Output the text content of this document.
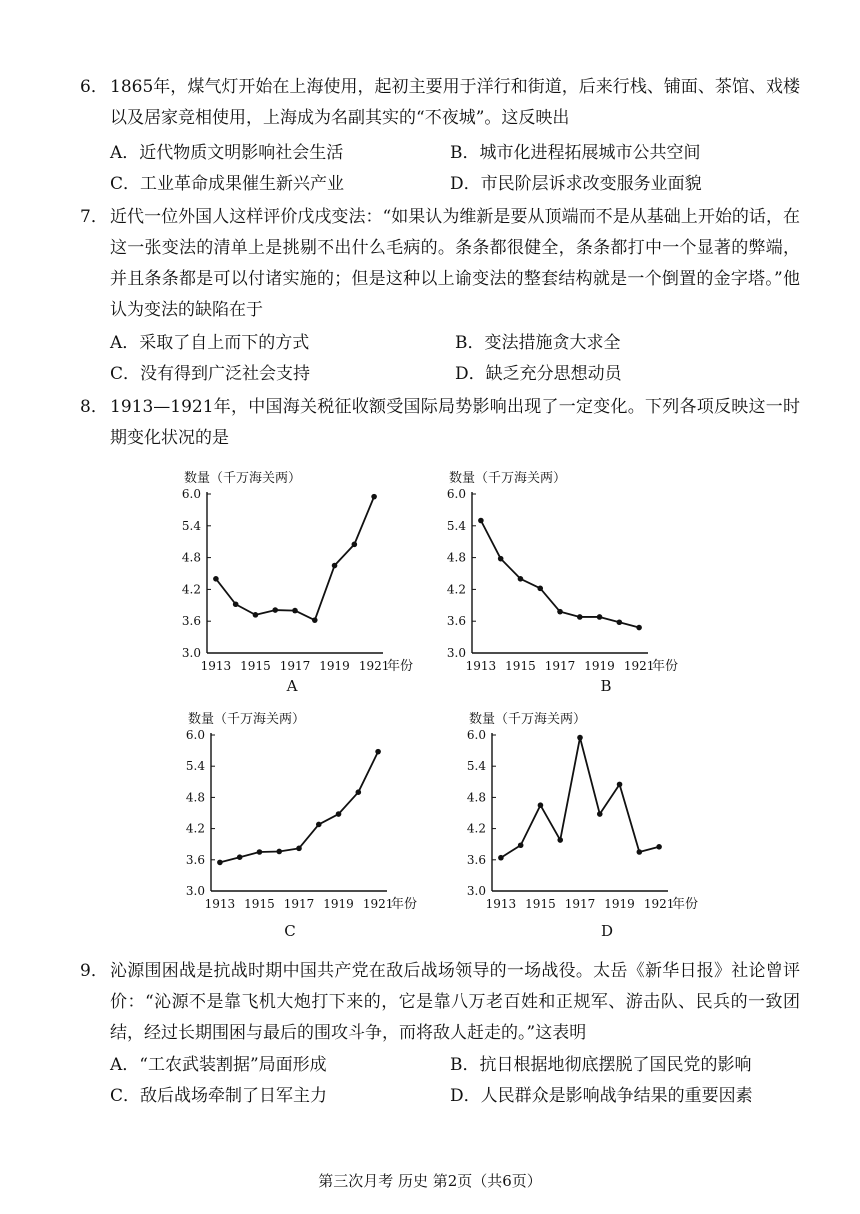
6． 1865年，煤气灯开始在上海使用，起初主要用于洋行和街道，后来行栈、铺面、茶馆、戏楼以及居家竞相使用，上海成为名副其实的“不夜城”。这反映出
A．近代物质文明影响社会生活	B．城市化进程拓展城市公共空间
C．工业革命成果催生新兴产业	D．市民阶层诉求改变服务业面貌
7． 近代一位外国人这样评价戊戌变法：“如果认为维新是要从顶端而不是从基础上开始的话，在这一张变法的清单上是挑剔不出什么毛病的。条条都很健全，条条都打中一个显著的弊端，并且条条都是可以付诸实施的；但是这种以上谕变法的整套结构就是一个倒置的金字塔。”他认为变法的缺陷在于
A．采取了自上而下的方式	B．变法措施贪大求全
C．没有得到广泛社会支持	D．缺乏充分思想动员
8． 1913—1921年，中国海关税征收额受国际局势影响出现了一定变化。下列各项反映这一时期变化状况的是
3.0
3.6
4.2
4.8
5.4
6.0
1913 1915 1917 1919 1921
数量（千万海关两）
年份
A
3.0
3.6
4.2
4.8
5.4
6.0
1913 1915 1917 1919 1921
数量（千万海关两）
年份
B
3.0
3.6
4.2
4.8
5.4
6.0
1913 1915 1917 1919 1921
数量（千万海关两）
年份
C
3.0
3.6
4.2
4.8
5.4
6.0
1913 1915 1917 1919 1921
数量（千万海关两）
年份
D
9． 沁源围困战是抗战时期中国共产党在敌后战场领导的一场战役。太岳《新华日报》社论曾评价：“沁源不是靠飞机大炮打下来的，它是靠八万老百姓和正规军、游击队、民兵的一致团结，经过长期围困与最后的围攻斗争，而将敌人赶走的。”这表明
A．“工农武装割据”局面形成	B．抗日根据地彻底摆脱了国民党的影响
C．敌后战场牵制了日军主力	D．人民群众是影响战争结果的重要因素
第三次月考 历史 第2页（共6页）
